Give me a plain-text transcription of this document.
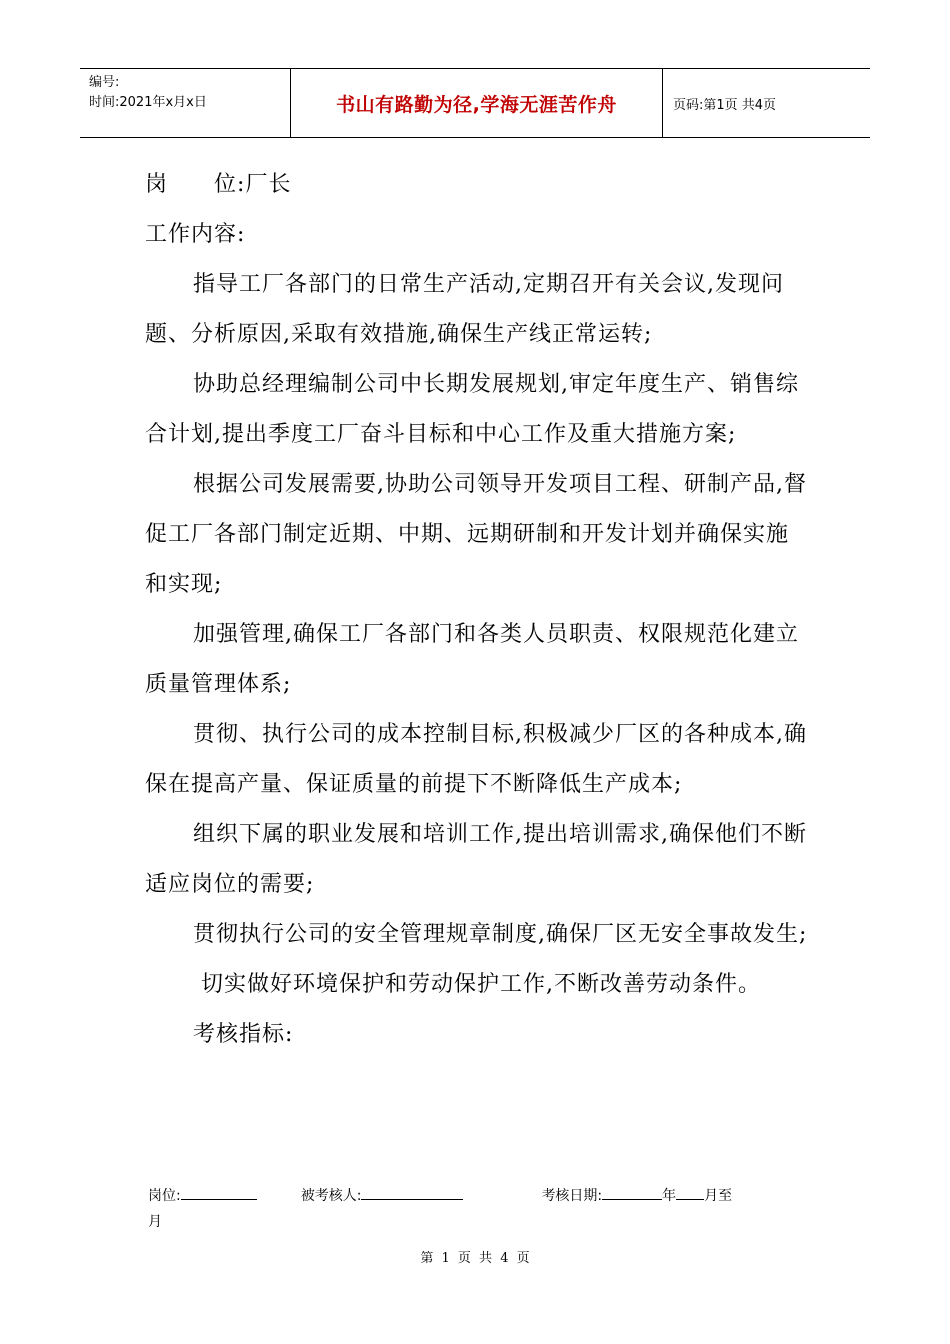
编号:
时间:2021年x月x日	书山有路勤为径,学海无涯苦作舟	页码:第1页 共4页

岗 位:厂长

工作内容:

指导工厂各部门的日常生产活动,定期召开有关会议,发现问题、分析原因,采取有效措施,确保生产线正常运转;

协助总经理编制公司中长期发展规划,审定年度生产、销售综合计划,提出季度工厂奋斗目标和中心工作及重大措施方案;

根据公司发展需要,协助公司领导开发项目工程、研制产品,督促工厂各部门制定近期、中期、远期研制和开发计划并确保实施和实现;

加强管理,确保工厂各部门和各类人员职责、权限规范化建立质量管理体系;

贯彻、执行公司的成本控制目标,积极减少厂区的各种成本,确保在提高产量、保证质量的前提下不断降低生产成本;

组织下属的职业发展和培训工作,提出培训需求,确保他们不断适应岗位的需要;

贯彻执行公司的安全管理规章制度,确保厂区无安全事故发生;

切实做好环境保护和劳动保护工作,不断改善劳动条件。

考核指标:

岗位:	被考核人:	考核日期:	年 月至
月
第 1 页 共 4 页
